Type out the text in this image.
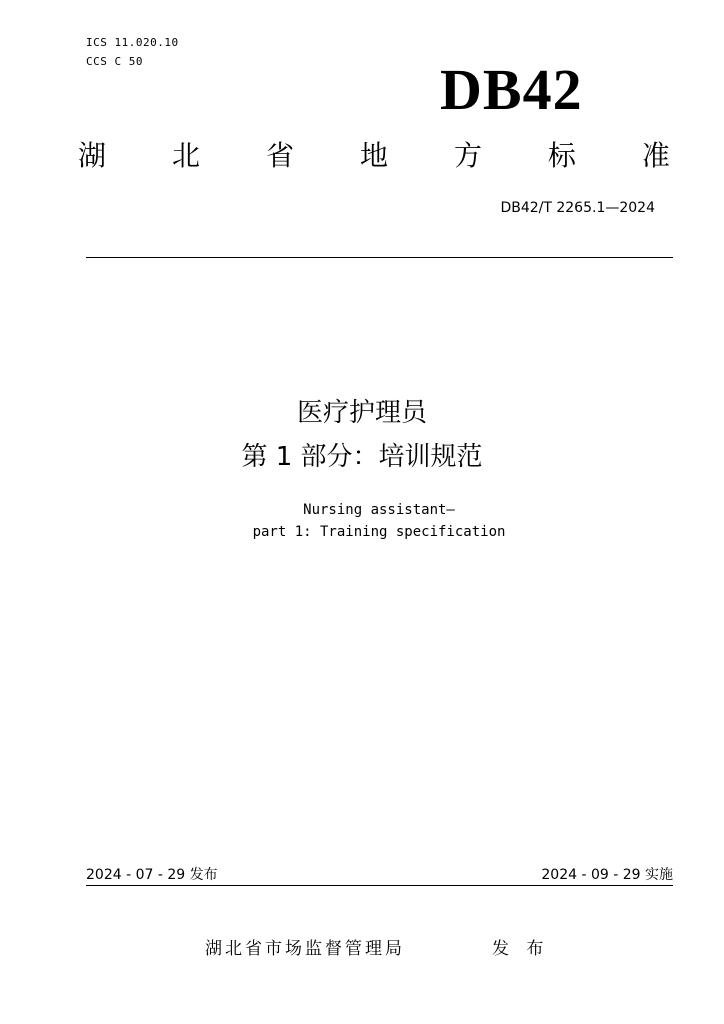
ICS 11.020.10
CCS C 50	DB42
湖 北 省 地 方 标 准
DB42/T 2265.1—2024
医疗护理员
第 1 部分：培训规范
Nursing assistant—
part 1: Training specification
2024 - 07 - 29 发布	2024 - 09 - 29 实施
湖北省市场监督管理局	发 布
